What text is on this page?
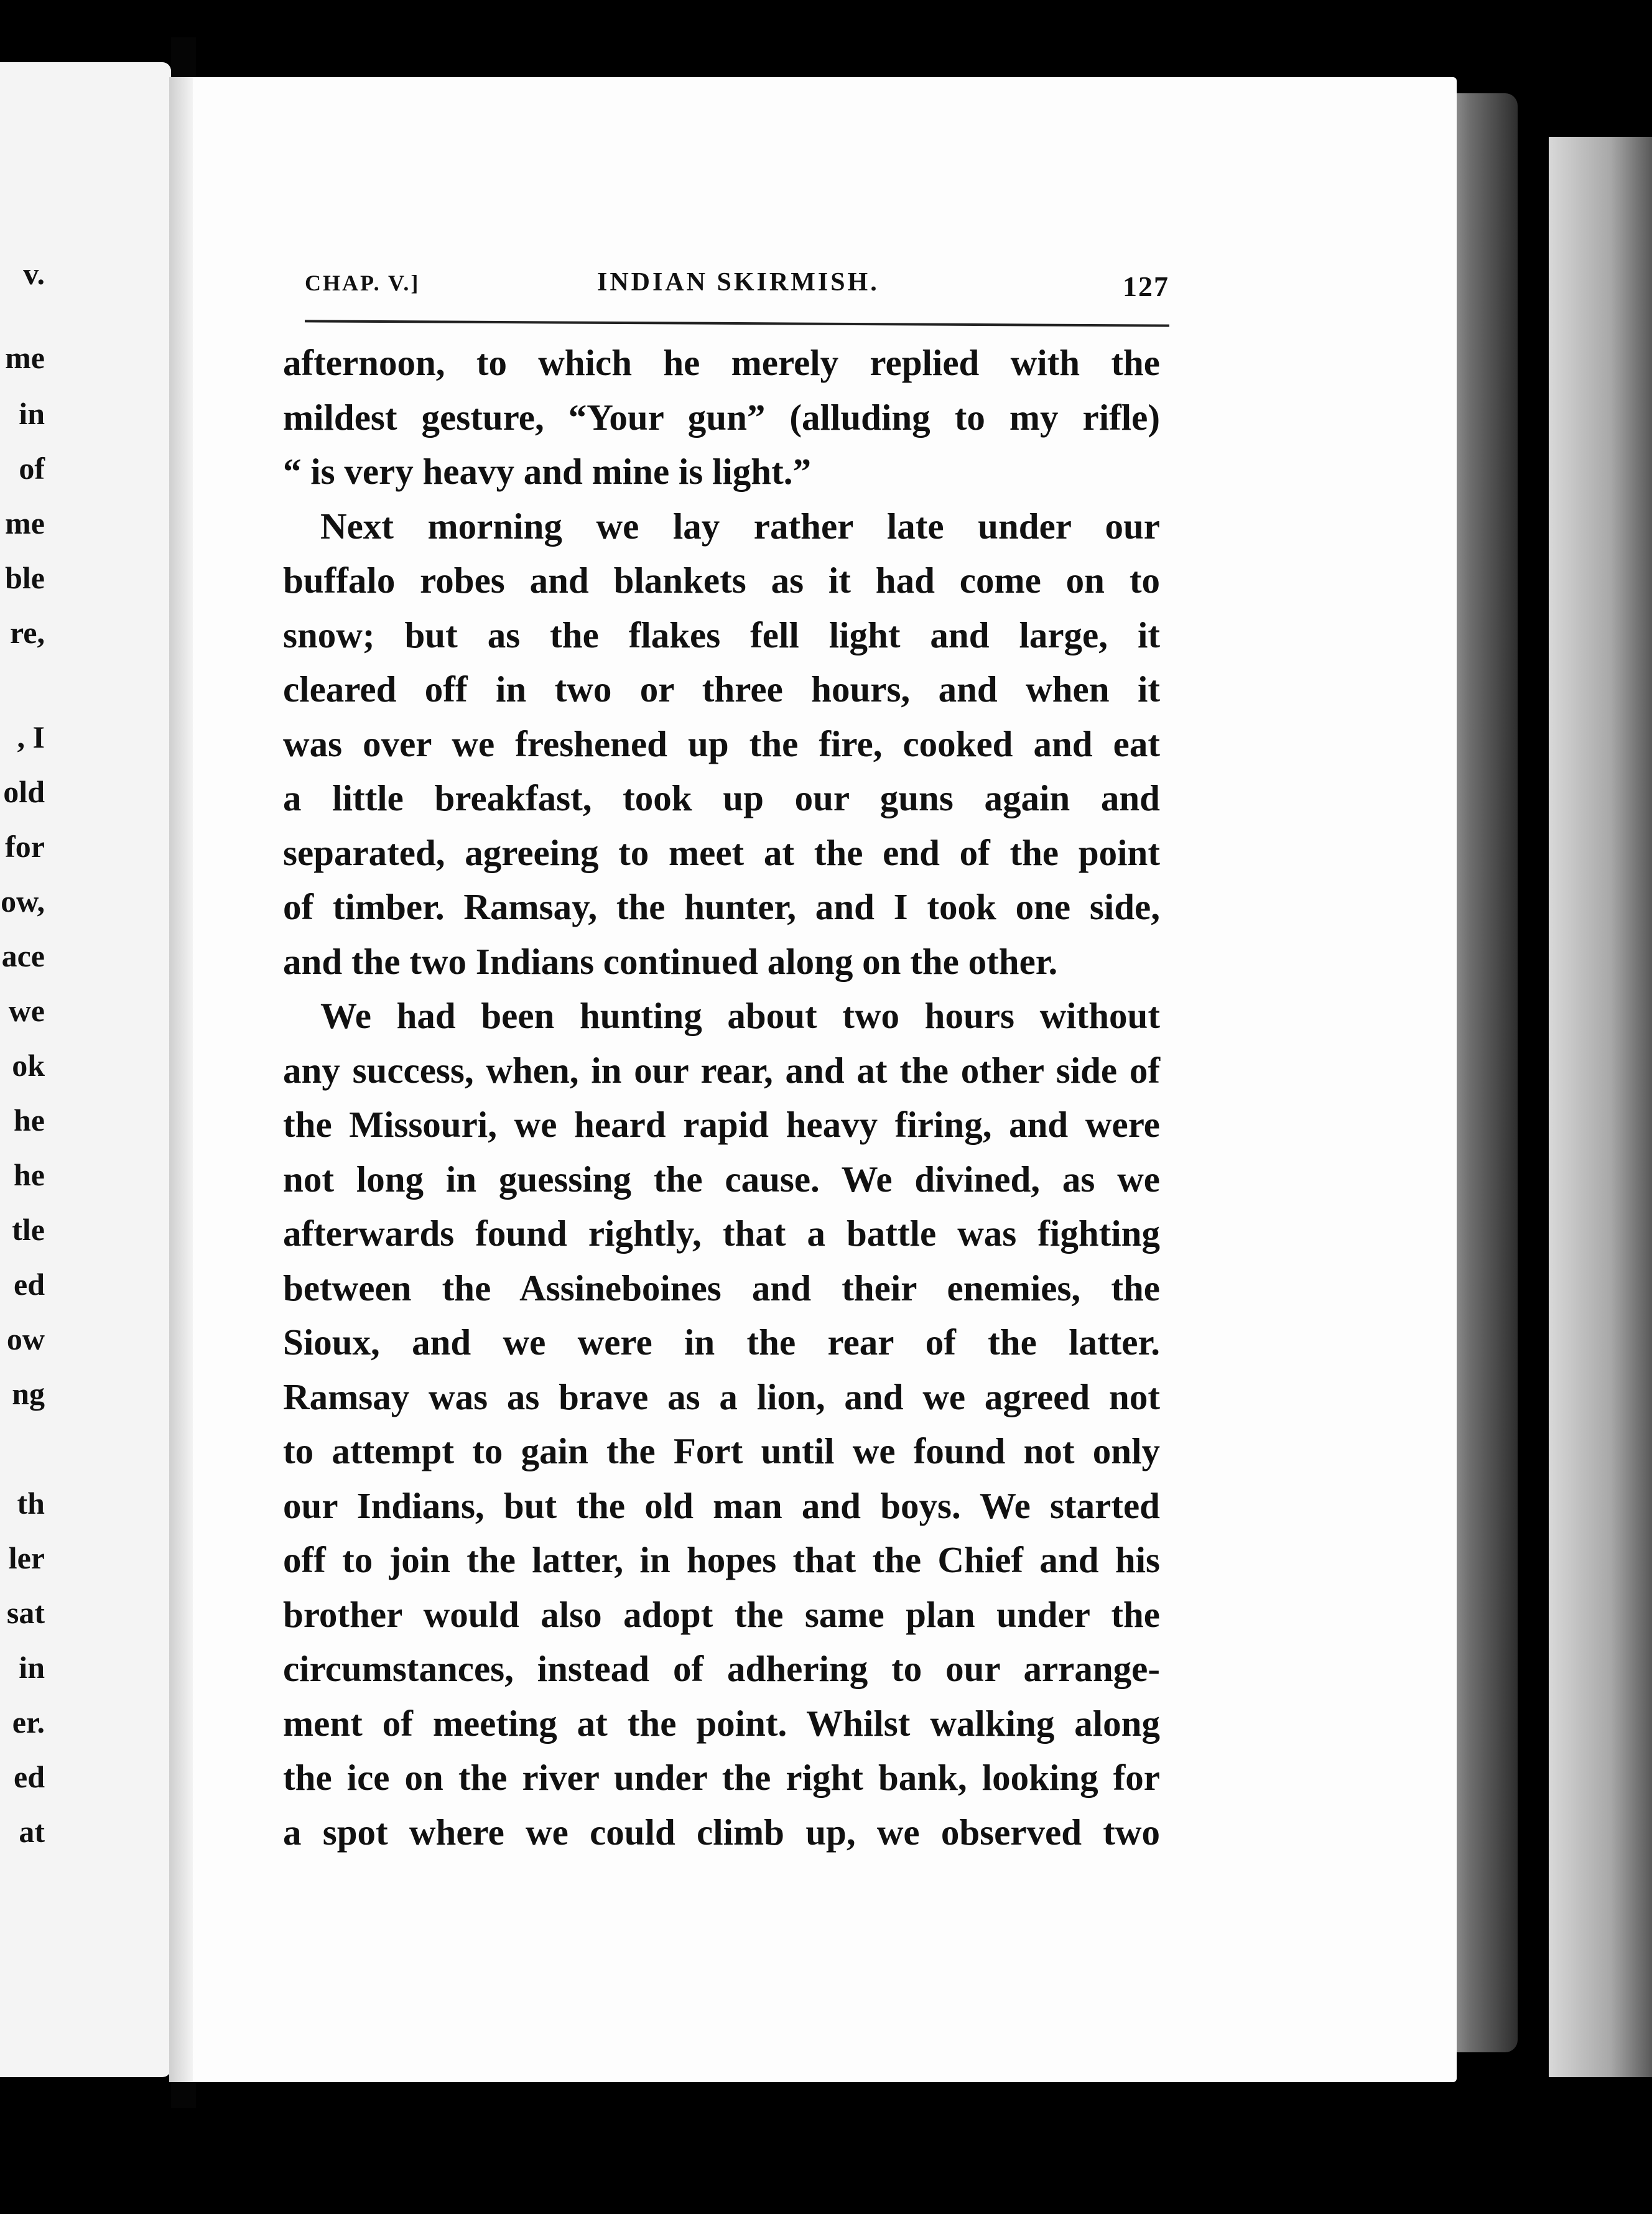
v.
me
in
of
me
ble
re,
, I
old
for
ow,
ace
we
ok
he
he
tle
ed
ow
ng
th
ler
sat
in
er.
ed
at
CHAP. V.]	INDIAN SKIRMISH.	127
afternoon, to which he merely replied with the
mildest gesture, “Your gun” (alluding to my rifle)
“ is very heavy and mine is light.”
Next morning we lay rather late under our
buffalo robes and blankets as it had come on to
snow; but as the flakes fell light and large, it
cleared off in two or three hours, and when it
was over we freshened up the fire, cooked and eat
a little breakfast, took up our guns again and
separated, agreeing to meet at the end of the point
of timber. Ramsay, the hunter, and I took one side,
and the two Indians continued along on the other.
We had been hunting about two hours without
any success, when, in our rear, and at the other side of
the Missouri, we heard rapid heavy firing, and were
not long in guessing the cause. We divined, as we
afterwards found rightly, that a battle was fighting
between the Assineboines and their enemies, the
Sioux, and we were in the rear of the latter.
Ramsay was as brave as a lion, and we agreed not
to attempt to gain the Fort until we found not only
our Indians, but the old man and boys. We started
off to join the latter, in hopes that the Chief and his
brother would also adopt the same plan under the
circumstances, instead of adhering to our arrange-
ment of meeting at the point. Whilst walking along
the ice on the river under the right bank, looking for
a spot where we could climb up, we observed two
